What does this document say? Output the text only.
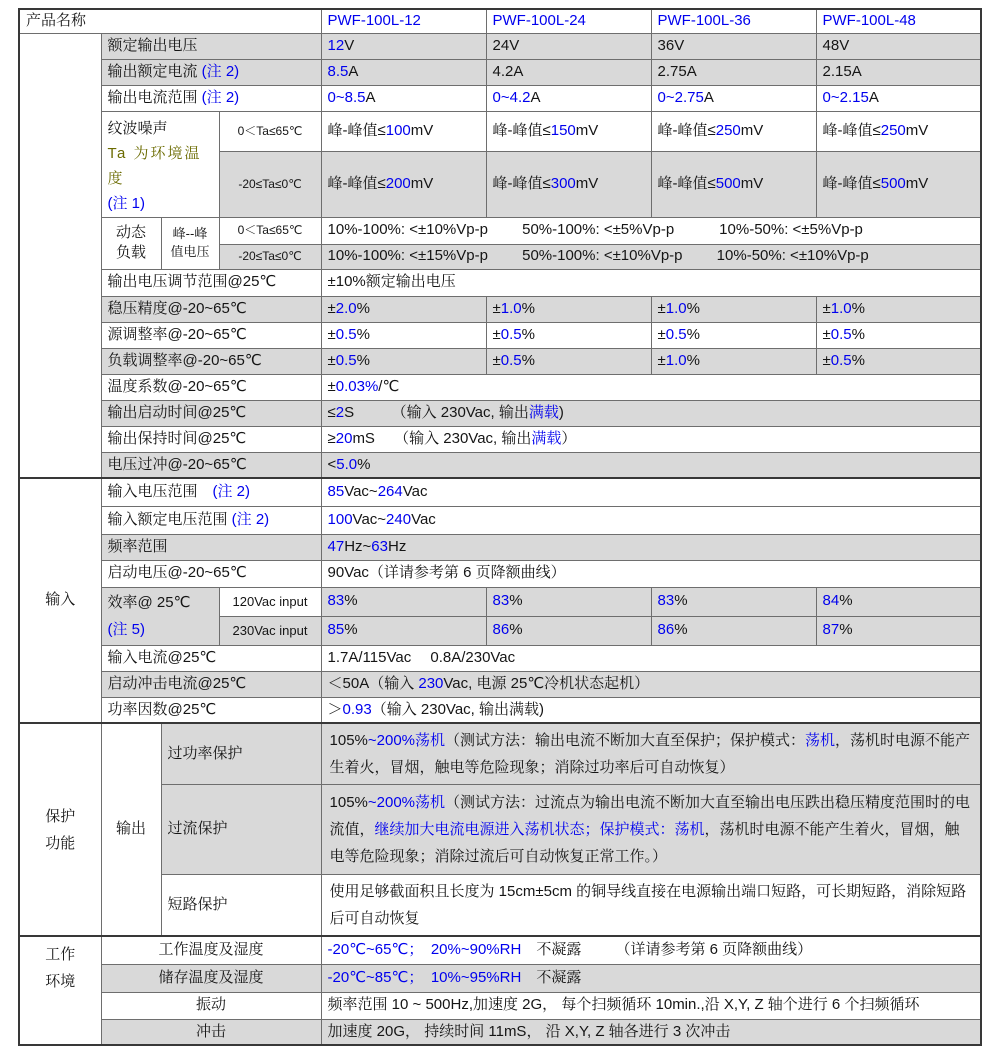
产品名称				PWF-100L-12	PWF-100L-24	PWF-100L-36	PWF-100L-48
	额定输出电压			12V	24V	36V	48V
	输出额定电流 (注 2)			8.5A	4.2A	2.75A	2.15A
	输出电流范围 (注 2)			0~8.5A	0~4.2A	0~2.75A	0~2.15A
	纹波噪声
Ta 为环境温度
(注 1)		0＜Ta≤65℃	峰-峰值≤100mV	峰-峰值≤150mV	峰-峰值≤250mV	峰-峰值≤250mV
			-20≤Ta≤0℃	峰-峰值≤200mV	峰-峰值≤300mV	峰-峰值≤500mV	峰-峰值≤500mV
	动态
负载	峰--峰
值电压	0＜Ta≤65℃	10%-100%: <±10%Vp-p　　 50%-100%: <±5%Vp-p　　　10%-50%: <±5%Vp-p			
			-20≤Ta≤0℃	10%-100%: <±15%Vp-p　　 50%-100%: <±10%Vp-p　　 10%-50%: <±10%Vp-p			
	输出电压调节范围@25℃			±10%额定输出电压			
	稳压精度@-20~65℃			±2.0%	±1.0%	±1.0%	±1.0%
	源调整率@-20~65℃			±0.5%	±0.5%	±0.5%	±0.5%
	负载调整率@-20~65℃			±0.5%	±0.5%	±1.0%	±0.5%
	温度系数@-20~65℃			±0.03%/℃			
	输出启动时间@25℃			≤2S　　　（输入 230Vac, 输出满载)			
	输出保持时间@25℃			≥20mS　 （输入 230Vac, 输出满载）			
	电压过冲@-20~65℃			<5.0%			
输入	输入电压范围　(注 2)			85Vac~264Vac			
	输入额定电压范围 (注 2)			100Vac~240Vac			
	频率范围			47Hz~63Hz			
	启动电压@-20~65℃			90Vac（详请参考第 6 页降额曲线）			
	效率@ 25℃
(注 5)		120Vac input	83%	83%	83%	84%
			230Vac input	85%	86%	86%	87%
	输入电流@25℃			1.7A/115Vac　 0.8A/230Vac			
	启动冲击电流@25℃			＜50A（输入 230Vac, 电源 25℃冷机状态起机）			
	功率因数@25℃			＞0.93（输入 230Vac, 输出满载)			
保护
功能	输出	过功率保护		105%~200%荡机（测试方法：输出电流不断加大直至保护；保护模式：荡机，荡机时电源不能产生着火，冒烟，触电等危险现象；消除过功率后可自动恢复）			
		过流保护		105%~200%荡机（测试方法：过流点为输出电流不断加大直至输出电压跌出稳压精度范围时的电流值，继续加大电流电源进入荡机状态；保护模式：荡机，荡机时电源不能产生着火，冒烟，触电等危险现象；消除过流后可自动恢复正常工作。）			
		短路保护		使用足够截面积且长度为 15cm±5cm 的铜导线直接在电源输出端口短路，可长期短路，消除短路后可自动恢复			
工作
环境	工作温度及湿度			-20℃~65℃；　20%~90%RH　不凝露　　 （详请参考第 6 页降额曲线）			
	储存温度及湿度			-20℃~85℃；　10%~95%RH　不凝露			
	振动			频率范围 10 ~ 500Hz,加速度 2G， 每个扫频循环 10min.,沿 X,Y, Z 轴个进行 6 个扫频循环			
	冲击			加速度 20G， 持续时间 11mS， 沿 X,Y, Z 轴各进行 3 次冲击			
